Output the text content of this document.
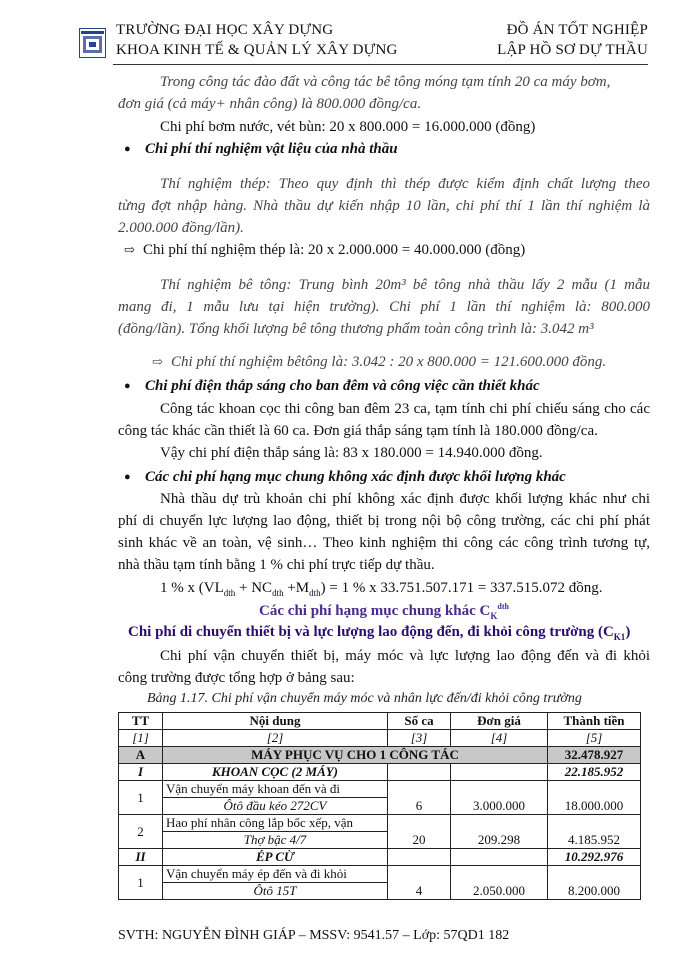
TRƯỜNG ĐẠI HỌC XÂY DỰNG
KHOA KINH TẾ & QUẢN LÝ XÂY DỰNG
ĐỒ ÁN TỐT NGHIỆP
LẬP HỒ SƠ DỰ THẦU
Trong công tác đào đất và công tác bê tông móng tạm tính 20 ca máy bơm,
đơn giá (cả máy+ nhân công) là 800.000 đồng/ca.
Chi phí bơm nước, vét bùn: 20 x 800.000 = 16.000.000 (đồng)
● Chi phí thí nghiệm vật liệu của nhà thầu
Thí nghiệm thép: Theo quy định thì thép được kiểm định chất lượng theo
từng đợt nhập hàng. Nhà thầu dự kiến nhập 10 lần, chi phí thí 1 lần thí nghiệm là
2.000.000 đồng/lần).
⇨ Chi phí thí nghiệm thép là: 20 x 2.000.000 = 40.000.000 (đồng)
Thí nghiệm bê tông: Trung bình 20m³ bê tông nhà thầu lấy 2 mẫu (1 mẫu
mang đi, 1 mẫu lưu tại hiện trường). Chi phí 1 lần thí nghiệm là: 800.000
(đồng/lần). Tổng khối lượng bê tông thương phẩm toàn công trình là: 3.042 m³
⇨ Chi phí thí nghiệm bêtông là: 3.042 : 20 x 800.000 = 121.600.000 đồng.
● Chi phí điện thắp sáng cho ban đêm và công việc cần thiết khác
Công tác khoan cọc thi công ban đêm 23 ca, tạm tính chi phí chiếu sáng cho các
công tác khác cần thiết là 60 ca. Đơn giá thắp sáng tạm tính là 180.000 đồng/ca.
Vậy chi phí điện thắp sáng là: 83 x 180.000 = 14.940.000 đồng.
● Các chi phí hạng mục chung không xác định được khối lượng khác
Nhà thầu dự trù khoản chi phí không xác định được khối lượng khác như chi
phí di chuyển lực lượng lao động, thiết bị trong nội bộ công trường, các chi phí phát
sinh khác về an toàn, vệ sinh… Theo kinh nghiệm thi công các công trình tương tự,
nhà thầu tạm tính bằng 1 % chi phí trực tiếp dự thầu.
1 % x $(VL_{dth} + NC_{dth} +M_{dth}) = 1$ % x 33.751.507.171 = 337.515.072 đồng.
Các chi phí hạng mục chung khác $C_K^{dth}$
Chi phí di chuyển thiết bị và lực lượng lao động đến, đi khỏi công trường $(C_{K1})$
Chi phí vận chuyển thiết bị, máy móc và lực lượng lao động đến và đi khỏi
công trường được tổng hợp ở bảng sau:
Bảng 1.17. Chi phí vận chuyển máy móc và nhân lực đến/đi khỏi công trường
TT	Nội dung	Số ca	Đơn giá	Thành tiền
[1]	[2]	[3]	[4]	[5]
A	MÁY PHỤC VỤ CHO 1 CÔNG TÁC			32.478.927
I	KHOAN CỌC (2 MÁY)			22.185.952
1	Vận chuyển máy khoan đến và đi	6	3.000.000	18.000.000
	Ôtô đầu kéo 272CV			
2	Hao phí nhân công lắp bốc xếp, vận	20	209.298	4.185.952
	Thợ bậc 4/7			
II	ÉP CỪ			10.292.976
1	Vận chuyển máy ép đến và đi khỏi	4	2.050.000	8.200.000
	Ôtô 15T			
SVTH: NGUYỄN ĐÌNH GIÁP – MSSV: 9541.57 – Lớp: 57QD1 182
